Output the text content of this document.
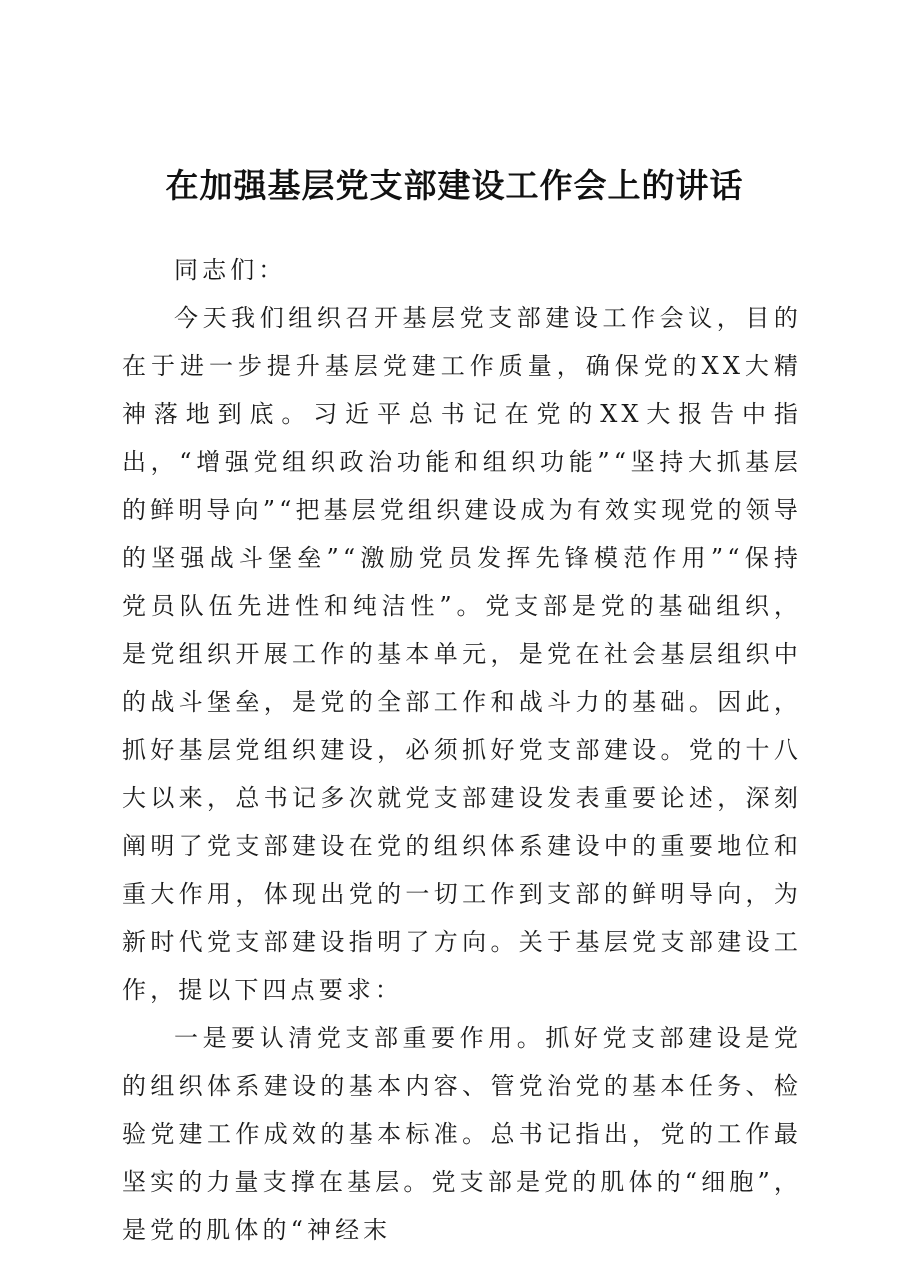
在加强基层党支部建设工作会上的讲话

同志们：

今天我们组织召开基层党支部建设工作会议，目的在于进一步提升基层党建工作质量，确保党的XX大精神落地到底。习近平总书记在党的XX大报告中指出，“增强党组织政治功能和组织功能”“坚持大抓基层的鲜明导向”“把基层党组织建设成为有效实现党的领导的坚强战斗堡垒”“激励党员发挥先锋模范作用”“保持党员队伍先进性和纯洁性”。党支部是党的基础组织，是党组织开展工作的基本单元，是党在社会基层组织中的战斗堡垒，是党的全部工作和战斗力的基础。因此，抓好基层党组织建设，必须抓好党支部建设。党的十八大以来，总书记多次就党支部建设发表重要论述，深刻阐明了党支部建设在党的组织体系建设中的重要地位和重大作用，体现出党的一切工作到支部的鲜明导向，为新时代党支部建设指明了方向。关于基层党支部建设工作，提以下四点要求：

一是要认清党支部重要作用。抓好党支部建设是党的组织体系建设的基本内容、管党治党的基本任务、检验党建工作成效的基本标准。总书记指出，党的工作最坚实的力量支撑在基层。党支部是党的肌体的“细胞”，是党的肌体的“神经末
